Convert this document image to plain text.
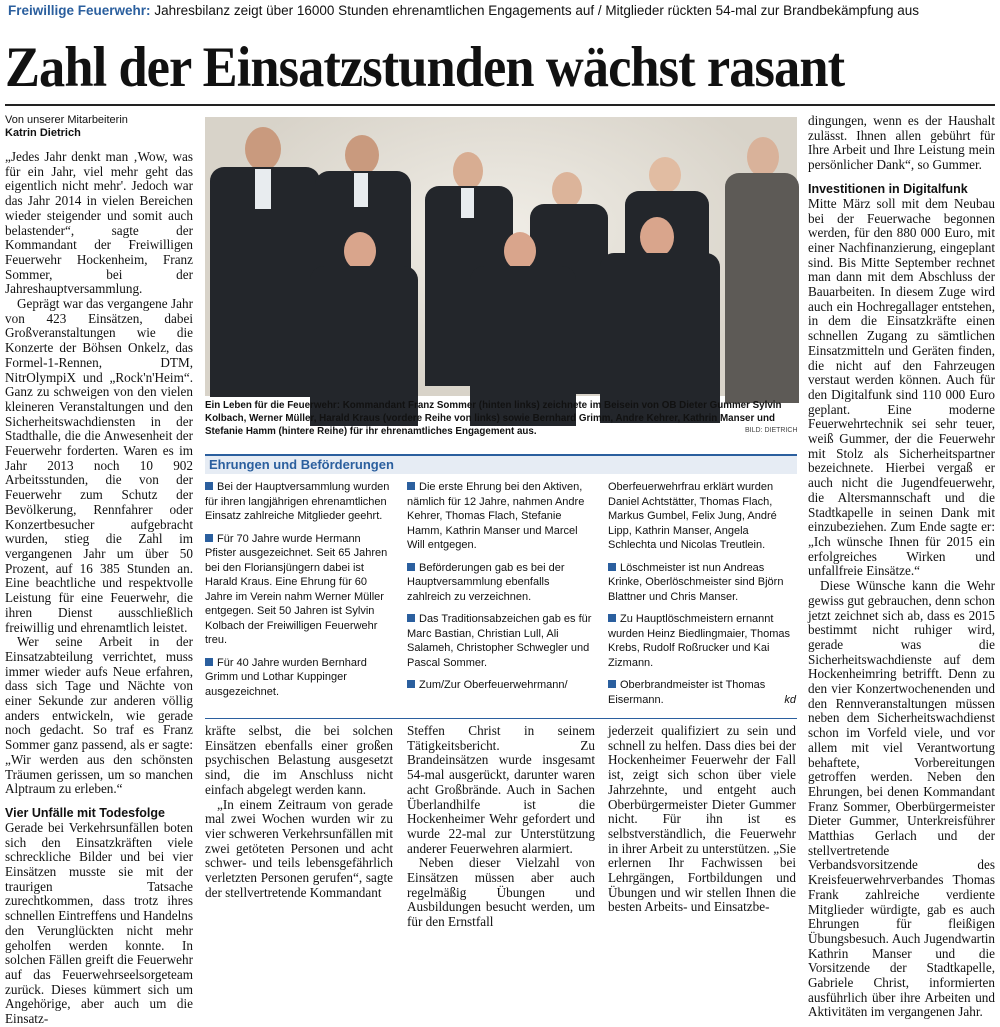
Freiwillige Feuerwehr: Jahresbilanz zeigt über 16000 Stunden ehrenamtlichen Engagements auf / Mitglieder rückten 54-mal zur Brandbekämpfung aus
Zahl der Einsatzstunden wächst rasant
Von unserer Mitarbeiterin
Katrin Dietrich

„Jedes Jahr denkt man ‚Wow, was für ein Jahr, viel mehr geht das eigentlich nicht mehr'. Jedoch war das Jahr 2014 in vielen Bereichen wieder steigender und somit auch belastender“, sagte der Kommandant der Freiwilligen Feuerwehr Hockenheim, Franz Sommer, bei der Jahreshauptversammlung.

Geprägt war das vergangene Jahr von 423 Einsätzen, dabei Großveranstaltungen wie die Konzerte der Böhsen Onkelz, das Formel-1-Rennen, DTM, NitrOlympiX und „Rock'n'Heim“. Ganz zu schweigen von den vielen kleineren Veranstaltungen und den Sicherheitswachdiensten in der Stadthalle, die die Anwesenheit der Feuerwehr forderten. Waren es im Jahr 2013 noch 10 902 Arbeitsstunden, die von der Feuerwehr zum Schutz der Bevölkerung, Rennfahrer oder Konzertbesucher aufgebracht wurden, stieg die Zahl im vergangenen Jahr um über 50 Prozent, auf 16 385 Stunden an. Eine beachtliche und respektvolle Leistung für eine Feuerwehr, die ihren Dienst ausschließlich freiwillig und ehrenamtlich leistet.

Wer seine Arbeit in der Einsatzabteilung verrichtet, muss immer wieder aufs Neue erfahren, dass sich Tage und Nächte von einer Sekunde zur anderen völlig anders entwickeln, wie gerade noch gedacht. So traf es Franz Sommer ganz passend, als er sagte: „Wir werden aus den schönsten Träumen gerissen, um so manchen Alptraum zu erleben.“

Vier Unfälle mit Todesfolge

Gerade bei Verkehrsunfällen boten sich den Einsatzkräften viele schreckliche Bilder und bei vier Einsätzen musste sie mit der traurigen Tatsache zurechtkommen, dass trotz ihres schnellen Eintreffens und Handelns den Verunglückten nicht mehr geholfen werden konnte. In solchen Fällen greift die Feuerwehr auf das Feuerwehrseelsorgeteam zurück. Dieses kümmert sich um Angehörige, aber auch um die Einsatz-

Ein Leben für die Feuerwehr: Kommandant Franz Sommer (hinten links) zeichnete im Beisein von OB Dieter Gummer Sylvin Kolbach, Werner Müller, Harald Kraus (vordere Reihe von links) sowie Bernhard Grimm, Andre Kehrer, Kathrin Manser und Stefanie Hamm (hintere Reihe) für ihr ehrenamtliches Engagement aus.	BILD: DIETRICH
Ehrungen und Beförderungen

Bei der Hauptversammlung wurden für ihren langjährigen ehrenamtlichen Einsatz zahlreiche Mitglieder geehrt.

Für 70 Jahre wurde Hermann Pfister ausgezeichnet. Seit 65 Jahren bei den Floriansjüngern dabei ist Harald Kraus. Eine Ehrung für 60 Jahre im Verein nahm Werner Müller entgegen. Seit 50 Jahren ist Sylvin Kolbach der Freiwilligen Feuerwehr treu.

Für 40 Jahre wurden Bernhard Grimm und Lothar Kuppinger ausgezeichnet.

Die erste Ehrung bei den Aktiven, nämlich für 12 Jahre, nahmen Andre Kehrer, Thomas Flach, Stefanie Hamm, Kathrin Manser und Marcel Will entgegen.

Beförderungen gab es bei der Hauptversammlung ebenfalls zahlreich zu verzeichnen.

Das Traditionsabzeichen gab es für Marc Bastian, Christian Lull, Ali Salameh, Christopher Schwegler und Pascal Sommer.

Zum/Zur Oberfeuerwehrmann/

Oberfeuerwehrfrau erklärt wurden Daniel Achtstätter, Thomas Flach, Markus Gumbel, Felix Jung, André Lipp, Kathrin Manser, Angela Schlechta und Nicolas Treutlein.

Löschmeister ist nun Andreas Krinke, Oberlöschmeister sind Björn Blattner und Chris Manser.

Zu Hauptlöschmeistern ernannt wurden Heinz Biedlingmaier, Thomas Krebs, Rudolf Roßrucker und Kai Zizmann.

Oberbrandmeister ist Thomas Eisermann.	kd

kräfte selbst, die bei solchen Einsätzen ebenfalls einer großen psychischen Belastung ausgesetzt sind, die im Anschluss nicht einfach abgelegt werden kann.

„In einem Zeitraum von gerade mal zwei Wochen wurden wir zu vier schweren Verkehrsunfällen mit zwei getöteten Personen und acht schwer- und teils lebensgefährlich verletzten Personen gerufen“, sagte der stellvertretende Kommandant

Steffen Christ in seinem Tätigkeitsbericht. Zu Brandeinsätzen wurde insgesamt 54-mal ausgerückt, darunter waren acht Großbrände. Auch in Sachen Überlandhilfe ist die Hockenheimer Wehr gefordert und wurde 22-mal zur Unterstützung anderer Feuerwehren alarmiert.

Neben dieser Vielzahl von Einsätzen müssen aber auch regelmäßig Übungen und Ausbildungen besucht werden, um für den Ernstfall

jederzeit qualifiziert zu sein und schnell zu helfen. Dass dies bei der Hockenheimer Feuerwehr der Fall ist, zeigt sich schon über viele Jahrzehnte, und entgeht auch Oberbürgermeister Dieter Gummer nicht. Für ihn ist es selbstverständlich, die Feuerwehr in ihrer Arbeit zu unterstützen. „Sie erlernen Ihr Fachwissen bei Lehrgängen, Fortbildungen und Übungen und wir stellen Ihnen die besten Arbeits- und Einsatzbe-

dingungen, wenn es der Haushalt zulässt. Ihnen allen gebührt für Ihre Arbeit und Ihre Leistung mein persönlicher Dank“, so Gummer.

Investitionen in Digitalfunk

Mitte März soll mit dem Neubau bei der Feuerwache begonnen werden, für den 880 000 Euro, mit einer Nachfinanzierung, eingeplant sind. Bis Mitte September rechnet man dann mit dem Abschluss der Bauarbeiten. In diesem Zuge wird auch ein Hochregallager entstehen, in dem die Einsatzkräfte einen schnellen Zugang zu sämtlichen Einsatzmitteln und Geräten finden, die nicht auf den Fahrzeugen verstaut werden können. Auch für den Digitalfunk sind 110 000 Euro geplant. Eine moderne Feuerwehrtechnik sei sehr teuer, weiß Gummer, der die Feuerwehr mit Stolz als Sicherheitspartner bezeichnete. Hierbei vergaß er auch nicht die Jugendfeuerwehr, die Altersmannschaft und die Stadtkapelle in seinen Dank mit einzubeziehen. Zum Ende sagte er: „Ich wünsche Ihnen für 2015 ein erfolgreiches Wirken und unfallfreie Einsätze.“

Diese Wünsche kann die Wehr gewiss gut gebrauchen, denn schon jetzt zeichnet sich ab, dass es 2015 bestimmt nicht ruhiger wird, gerade was die Sicherheitswachdienste auf dem Hockenheimring betrifft. Denn zu den vier Konzertwochenenden und den Rennveranstaltungen müssen neben dem Sicherheitswachdienst schon im Vorfeld viele, und vor allem mit viel Verantwortung behaftete, Vorbereitungen getroffen werden. Neben den Ehrungen, bei denen Kommandant Franz Sommer, Oberbürgermeister Dieter Gummer, Unterkreisführer Matthias Gerlach und der stellvertretende Verbandsvorsitzende des Kreisfeuerwehrverbandes Thomas Frank zahlreiche verdiente Mitglieder würdigte, gab es auch Ehrungen für fleißigen Übungsbesuch. Auch Jugendwartin Kathrin Manser und die Vorsitzende der Stadtkapelle, Gabriele Christ, informierten ausführlich über ihre Arbeiten und Aktivitäten im vergangenen Jahr.
